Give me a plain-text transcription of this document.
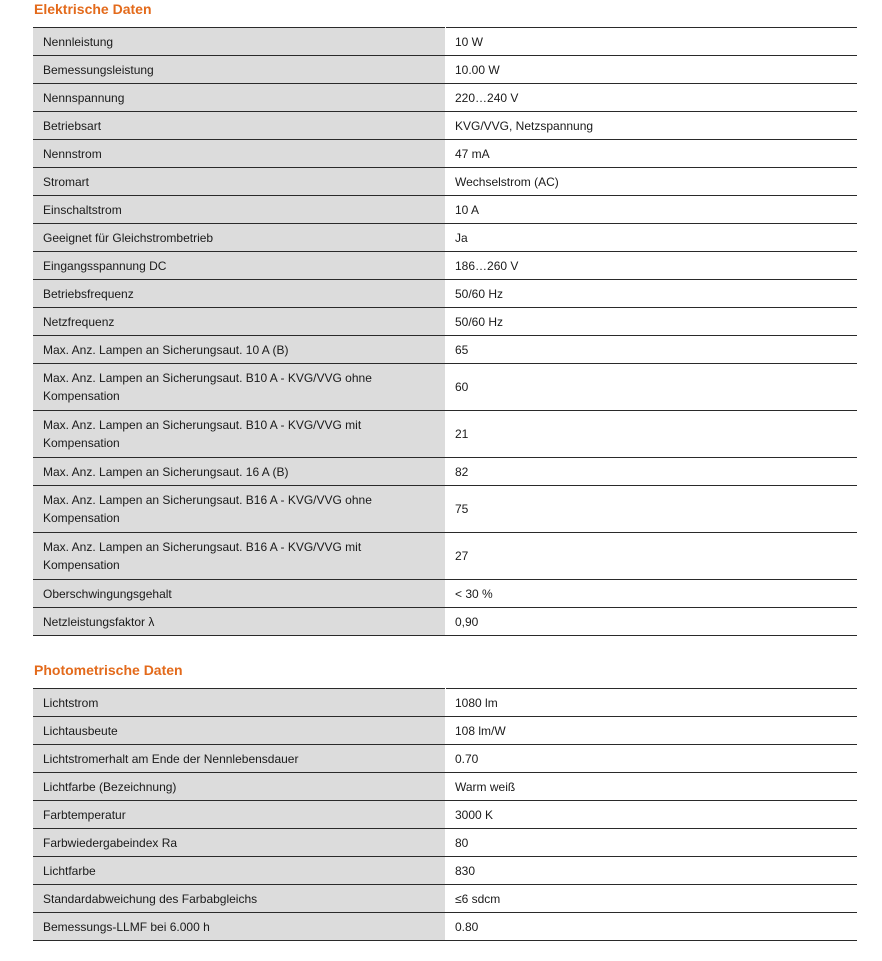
Elektrische Daten
Nennleistung	10 W
Bemessungsleistung	10.00 W
Nennspannung	220…240 V
Betriebsart	KVG/VVG, Netzspannung
Nennstrom	47 mA
Stromart	Wechselstrom (AC)
Einschaltstrom	10 A
Geeignet für Gleichstrombetrieb	Ja
Eingangsspannung DC	186…260 V
Betriebsfrequenz	50/60 Hz
Netzfrequenz	50/60 Hz
Max. Anz. Lampen an Sicherungsaut. 10 A (B)	65
Max. Anz. Lampen an Sicherungsaut. B10 A - KVG/VVG ohne Kompensation	60
Max. Anz. Lampen an Sicherungsaut. B10 A - KVG/VVG mit Kompensation	21
Max. Anz. Lampen an Sicherungsaut. 16 A (B)	82
Max. Anz. Lampen an Sicherungsaut. B16 A - KVG/VVG ohne Kompensation	75
Max. Anz. Lampen an Sicherungsaut. B16 A - KVG/VVG mit Kompensation	27
Oberschwingungsgehalt	< 30 %
Netzleistungsfaktor λ	0,90
Photometrische Daten
Lichtstrom	1080 lm
Lichtausbeute	108 lm/W
Lichtstromerhalt am Ende der Nennlebensdauer	0.70
Lichtfarbe (Bezeichnung)	Warm weiß
Farbtemperatur	3000 K
Farbwiedergabeindex Ra	80
Lichtfarbe	830
Standardabweichung des Farbabgleichs	≤6 sdcm
Bemessungs-LLMF bei 6.000 h	0.80
